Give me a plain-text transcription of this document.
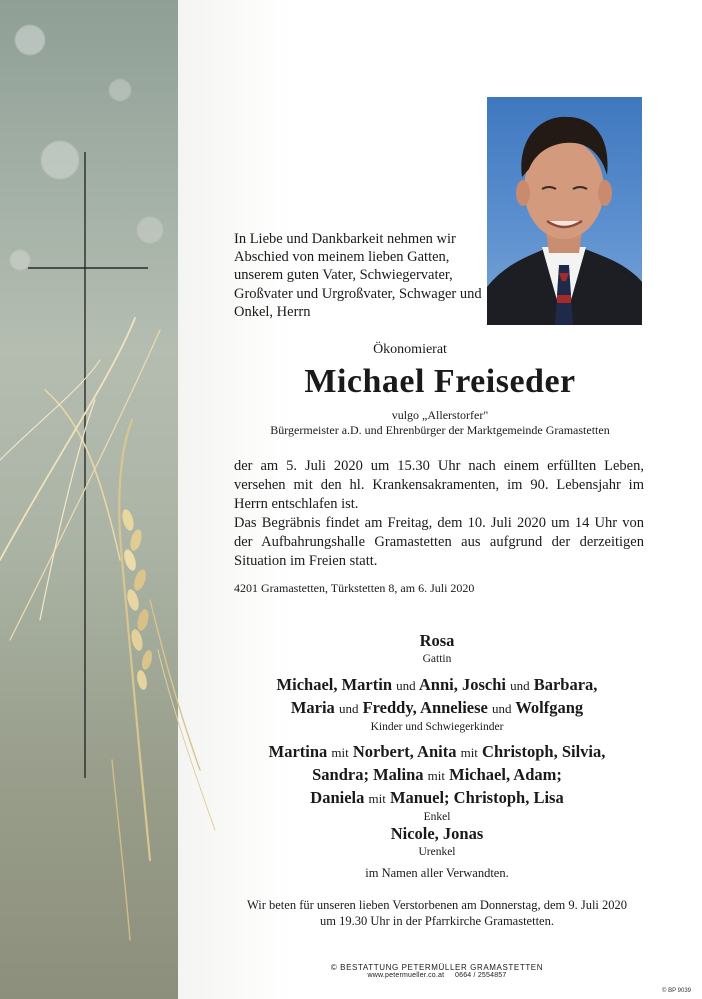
In Liebe und Dankbarkeit nehmen wir Abschied von meinem lieben Gatten, unserem guten Vater, Schwiegervater, Großvater und Urgroßvater, Schwager und Onkel, Herrn
Ökonomierat
Michael Freiseder
vulgo „Allerstorfer"
Bürgermeister a.D. und Ehrenbürger der Marktgemeinde Gramastetten
der am 5. Juli 2020 um 15.30 Uhr nach einem erfüllten Leben, versehen mit den hl. Krankensakramenten, im 90. Lebensjahr im Herrn entschlafen ist.
Das Begräbnis findet am Freitag, dem 10. Juli 2020 um 14 Uhr von der Aufbahrungshalle Gramastetten aus aufgrund der derzeitigen Situation im Freien statt.
4201 Gramastetten, Türkstetten 8, am 6. Juli 2020
Rosa
Gattin
Michael, Martin und Anni, Joschi und Barbara,
Maria und Freddy, Anneliese und Wolfgang
Kinder und Schwiegerkinder
Martina mit Norbert, Anita mit Christoph, Silvia,
Sandra; Malina mit Michael, Adam;
Daniela mit Manuel; Christoph, Lisa
Enkel
Nicole, Jonas
Urenkel
im Namen aller Verwandten.
Wir beten für unseren lieben Verstorbenen am Donnerstag, dem 9. Juli 2020
um 19.30 Uhr in der Pfarrkirche Gramastetten.
© BESTATTUNG PETERMÜLLER GRAMASTETTEN
www.petermueller.co.at 0664 / 2554857
© BP 9039
